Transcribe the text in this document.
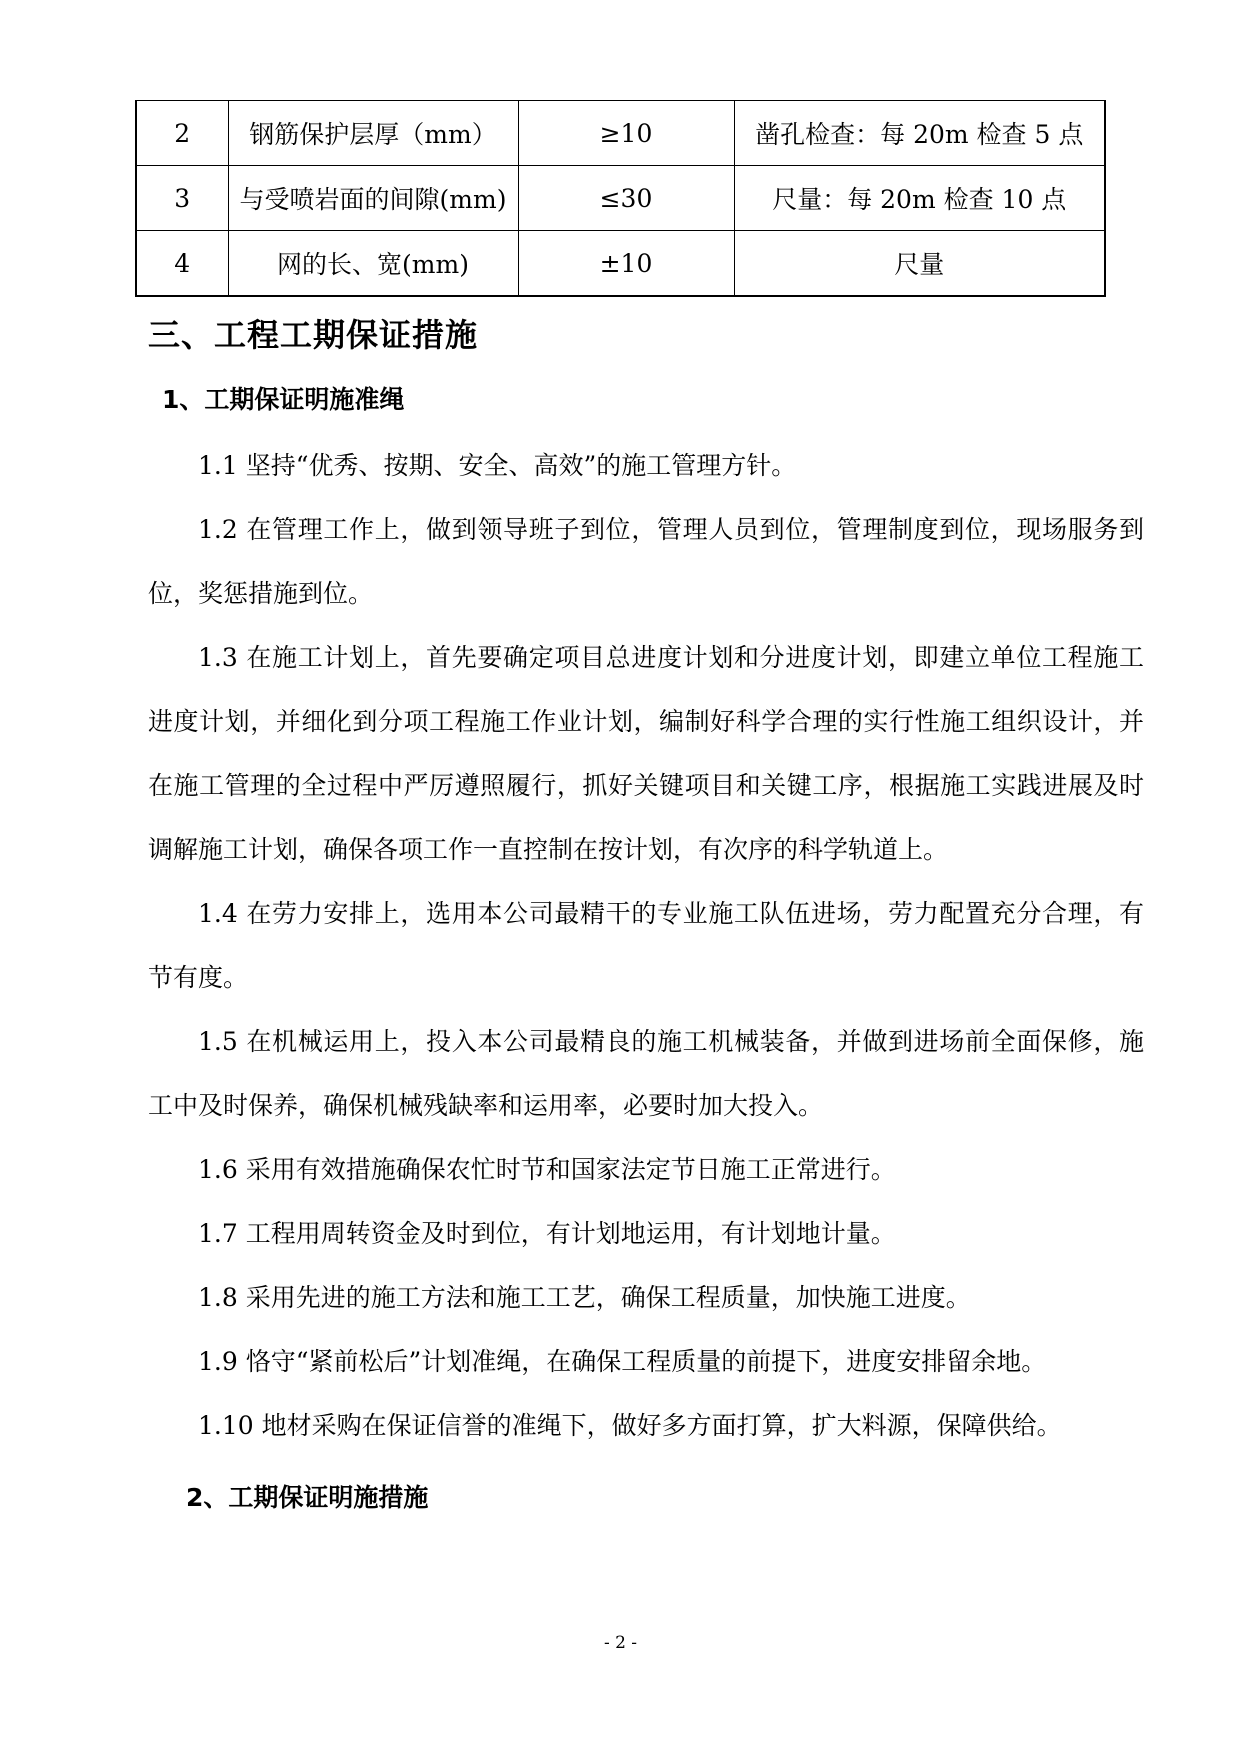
2	钢筋保护层厚（mm）	≥10	凿孔检查：每 20m 检查 5 点
3	与受喷岩面的间隙(mm)	≤30	尺量：每 20m 检查 10 点
4	网的长、宽(mm)	±10	尺量
三、工程工期保证措施
1、工期保证明施准绳

1.1 坚持“优秀、按期、安全、高效”的施工管理方针。

1.2 在管理工作上，做到领导班子到位，管理人员到位，管理制度到位，现场服务到位，奖惩措施到位。

1.3 在施工计划上，首先要确定项目总进度计划和分进度计划，即建立单位工程施工进度计划，并细化到分项工程施工作业计划，编制好科学合理的实行性施工组织设计，并在施工管理的全过程中严厉遵照履行，抓好关键项目和关键工序，根据施工实践进展及时调解施工计划，确保各项工作一直控制在按计划，有次序的科学轨道上。

1.4 在劳力安排上，选用本公司最精干的专业施工队伍进场，劳力配置充分合理，有节有度。

1.5 在机械运用上，投入本公司最精良的施工机械装备，并做到进场前全面保修，施工中及时保养，确保机械残缺率和运用率，必要时加大投入。

1.6 采用有效措施确保农忙时节和国家法定节日施工正常进行。

1.7 工程用周转资金及时到位，有计划地运用，有计划地计量。

1.8 采用先进的施工方法和施工工艺，确保工程质量，加快施工进度。

1.9 恪守“紧前松后”计划准绳，在确保工程质量的前提下，进度安排留余地。

1.10 地材采购在保证信誉的准绳下，做好多方面打算，扩大料源，保障供给。

2、工期保证明施措施
- 2 -
